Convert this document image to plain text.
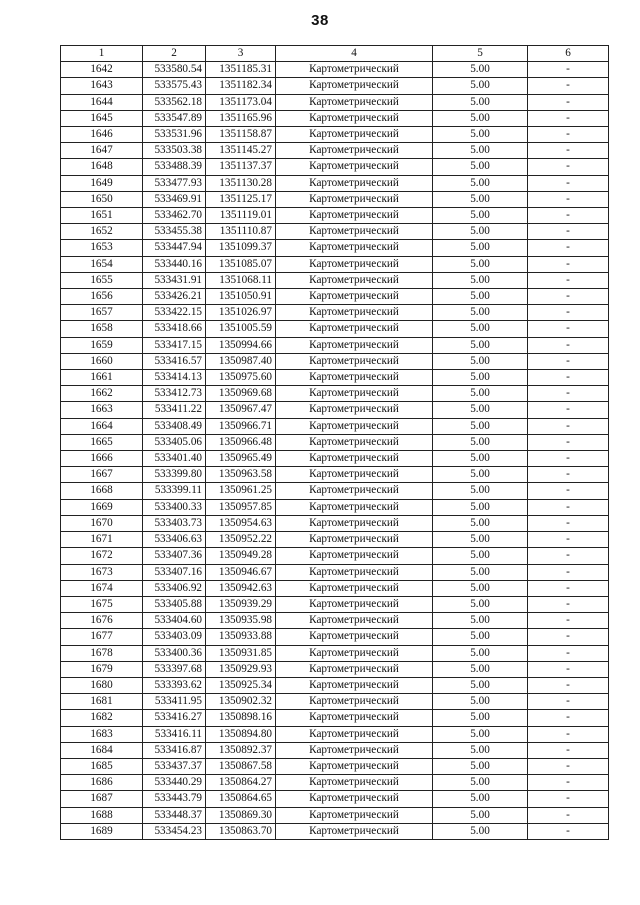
38
1	2	3	4	5	6
1642	533580.54	1351185.31	Картометрический	5.00	-
1643	533575.43	1351182.34	Картометрический	5.00	-
1644	533562.18	1351173.04	Картометрический	5.00	-
1645	533547.89	1351165.96	Картометрический	5.00	-
1646	533531.96	1351158.87	Картометрический	5.00	-
1647	533503.38	1351145.27	Картометрический	5.00	-
1648	533488.39	1351137.37	Картометрический	5.00	-
1649	533477.93	1351130.28	Картометрический	5.00	-
1650	533469.91	1351125.17	Картометрический	5.00	-
1651	533462.70	1351119.01	Картометрический	5.00	-
1652	533455.38	1351110.87	Картометрический	5.00	-
1653	533447.94	1351099.37	Картометрический	5.00	-
1654	533440.16	1351085.07	Картометрический	5.00	-
1655	533431.91	1351068.11	Картометрический	5.00	-
1656	533426.21	1351050.91	Картометрический	5.00	-
1657	533422.15	1351026.97	Картометрический	5.00	-
1658	533418.66	1351005.59	Картометрический	5.00	-
1659	533417.15	1350994.66	Картометрический	5.00	-
1660	533416.57	1350987.40	Картометрический	5.00	-
1661	533414.13	1350975.60	Картометрический	5.00	-
1662	533412.73	1350969.68	Картометрический	5.00	-
1663	533411.22	1350967.47	Картометрический	5.00	-
1664	533408.49	1350966.71	Картометрический	5.00	-
1665	533405.06	1350966.48	Картометрический	5.00	-
1666	533401.40	1350965.49	Картометрический	5.00	-
1667	533399.80	1350963.58	Картометрический	5.00	-
1668	533399.11	1350961.25	Картометрический	5.00	-
1669	533400.33	1350957.85	Картометрический	5.00	-
1670	533403.73	1350954.63	Картометрический	5.00	-
1671	533406.63	1350952.22	Картометрический	5.00	-
1672	533407.36	1350949.28	Картометрический	5.00	-
1673	533407.16	1350946.67	Картометрический	5.00	-
1674	533406.92	1350942.63	Картометрический	5.00	-
1675	533405.88	1350939.29	Картометрический	5.00	-
1676	533404.60	1350935.98	Картометрический	5.00	-
1677	533403.09	1350933.88	Картометрический	5.00	-
1678	533400.36	1350931.85	Картометрический	5.00	-
1679	533397.68	1350929.93	Картометрический	5.00	-
1680	533393.62	1350925.34	Картометрический	5.00	-
1681	533411.95	1350902.32	Картометрический	5.00	-
1682	533416.27	1350898.16	Картометрический	5.00	-
1683	533416.11	1350894.80	Картометрический	5.00	-
1684	533416.87	1350892.37	Картометрический	5.00	-
1685	533437.37	1350867.58	Картометрический	5.00	-
1686	533440.29	1350864.27	Картометрический	5.00	-
1687	533443.79	1350864.65	Картометрический	5.00	-
1688	533448.37	1350869.30	Картометрический	5.00	-
1689	533454.23	1350863.70	Картометрический	5.00	-
